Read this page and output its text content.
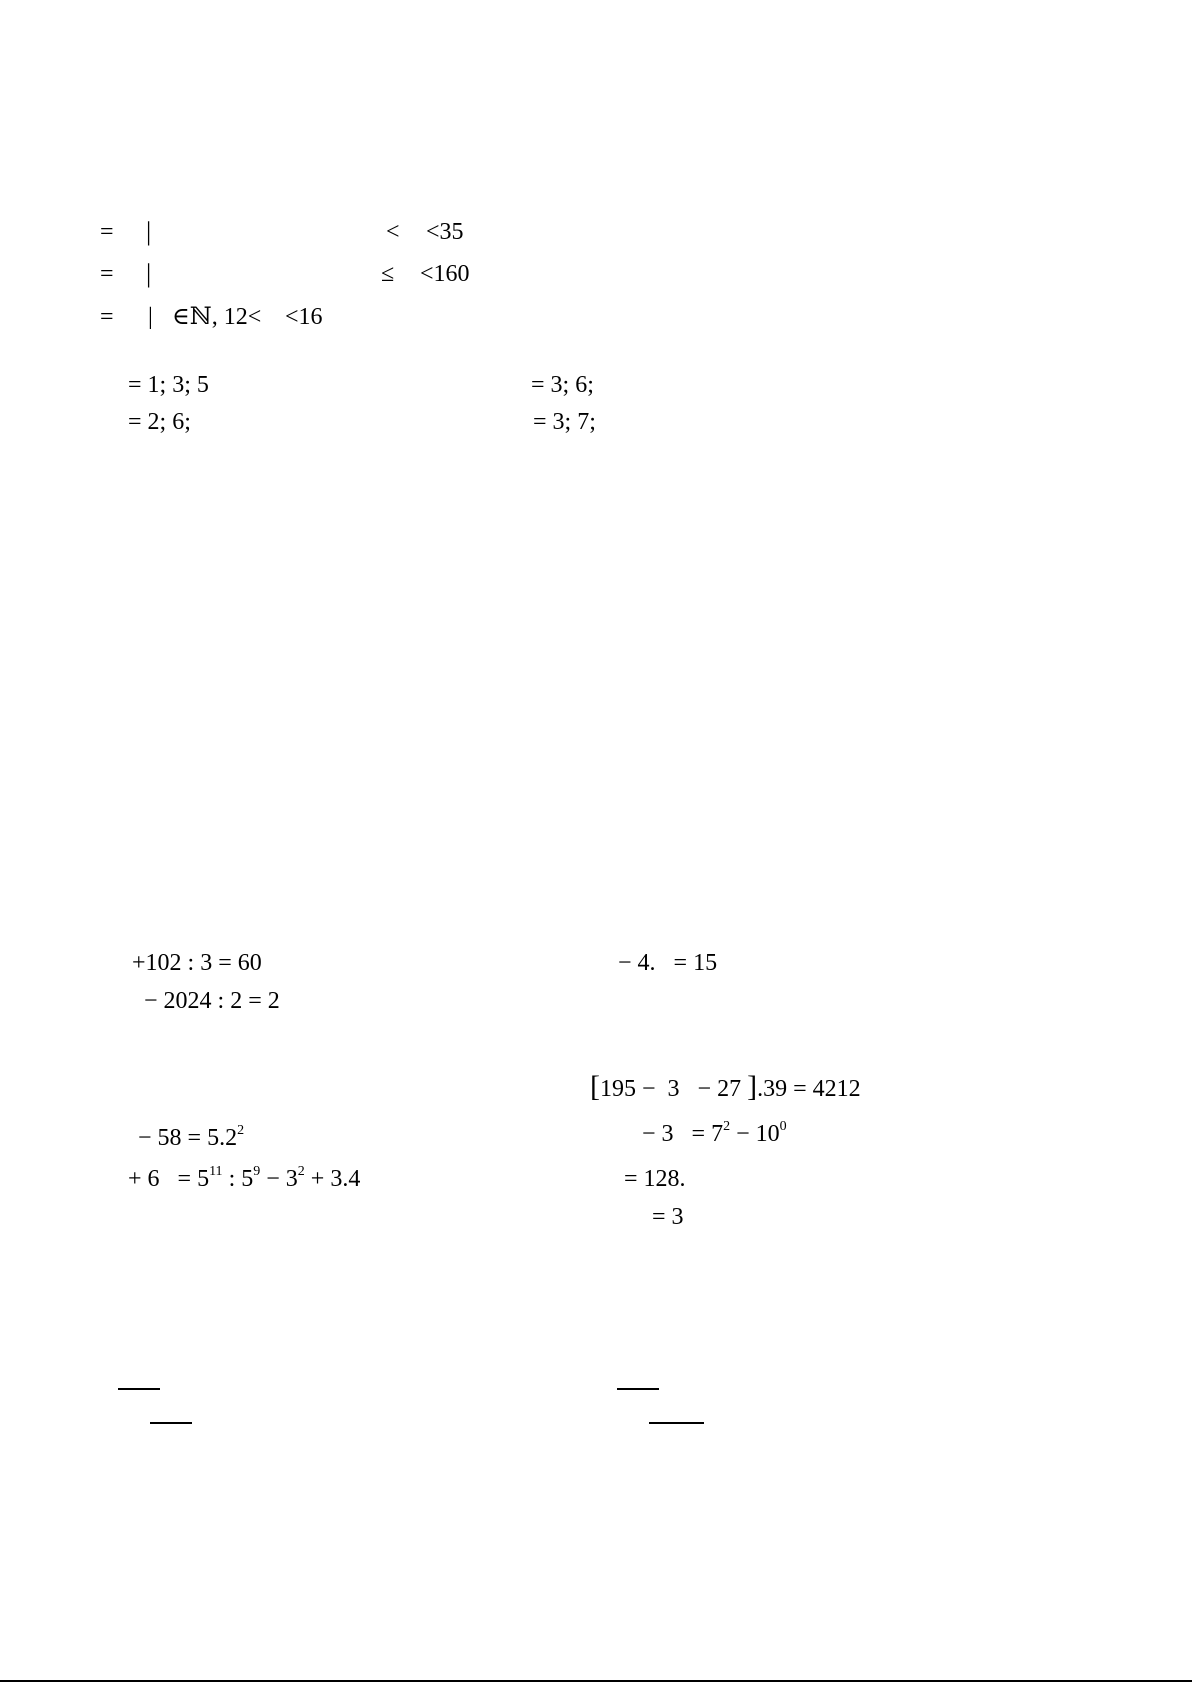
= |	< <35
= |	≤ <160
= | ∈ℕ, 12< <16
= 1; 3; 5
= 2; 6;
= 3; 6;
= 3; 7;
+102 : 3 = 60
− 2024 : 2 = 2
− 4.   = 15
[195 −  3   − 27 ].39 = 4212
− $58 = 5.2^2$
+ $6 = 5^{11}$ : $5^9 - 3^2 + 3.4$
− $3 = 7^2 - 10^0$
= 128.
= 3
